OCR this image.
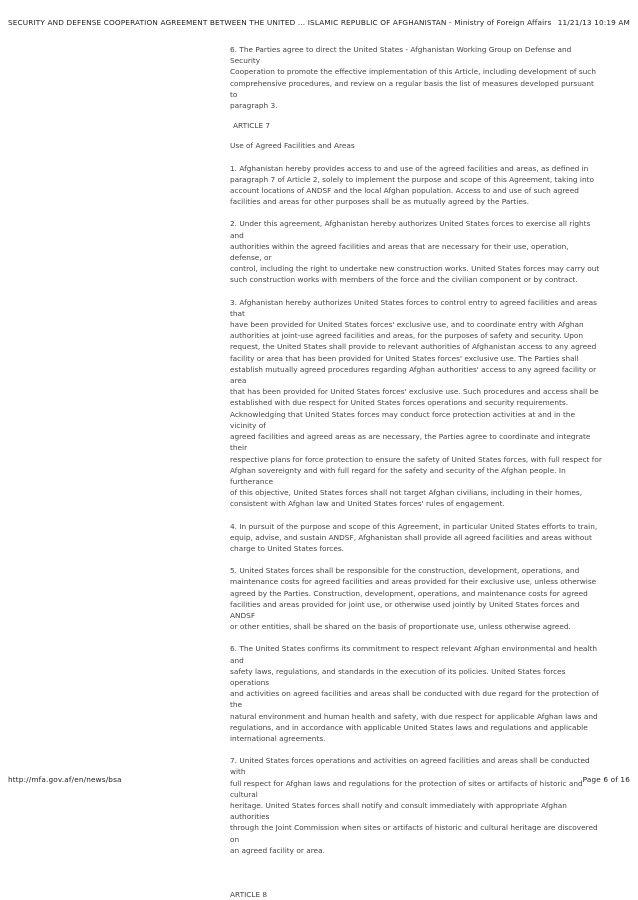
SECURITY AND DEFENSE COOPERATION AGREEMENT BETWEEN THE UNITED ... ISLAMIC REPUBLIC OF AFGHANISTAN - Ministry of Foreign Affairs 11/21/13 10:19 AM

6. The Parties agree to direct the United States - Afghanistan Working Group on Defense and Security
Cooperation to promote the effective implementation of this Article, including development of such
comprehensive procedures, and review on a regular basis the list of measures developed pursuant to
paragraph 3.

ARTICLE 7

Use of Agreed Facilities and Areas

1. Afghanistan hereby provides access to and use of the agreed facilities and areas, as defined in
paragraph 7 of Article 2, solely to implement the purpose and scope of this Agreement, taking into
account locations of ANDSF and the local Afghan population. Access to and use of such agreed
facilities and areas for other purposes shall be as mutually agreed by the Parties.

2. Under this agreement, Afghanistan hereby authorizes United States forces to exercise all rights and
authorities within the agreed facilities and areas that are necessary for their use, operation, defense, or
control, including the right to undertake new construction works. United States forces may carry out
such construction works with members of the force and the civilian component or by contract.

3. Afghanistan hereby authorizes United States forces to control entry to agreed facilities and areas that
have been provided for United States forces' exclusive use, and to coordinate entry with Afghan
authorities at joint-use agreed facilities and areas, for the purposes of safety and security. Upon
request, the United States shall provide to relevant authorities of Afghanistan access to any agreed
facility or area that has been provided for United States forces' exclusive use. The Parties shall
establish mutually agreed procedures regarding Afghan authorities' access to any agreed facility or area
that has been provided for United States forces' exclusive use. Such procedures and access shall be
established with due respect for United States forces operations and security requirements.
Acknowledging that United States forces may conduct force protection activities at and in the vicinity of
agreed facilities and agreed areas as are necessary, the Parties agree to coordinate and integrate their
respective plans for force protection to ensure the safety of United States forces, with full respect for
Afghan sovereignty and with full regard for the safety and security of the Afghan people. In furtherance
of this objective, United States forces shall not target Afghan civilians, including in their homes,
consistent with Afghan law and United States forces' rules of engagement.

4. In pursuit of the purpose and scope of this Agreement, in particular United States efforts to train,
equip, advise, and sustain ANDSF, Afghanistan shall provide all agreed facilities and areas without
charge to United States forces.

5. United States forces shall be responsible for the construction, development, operations, and
maintenance costs for agreed facilities and areas provided for their exclusive use, unless otherwise
agreed by the Parties. Construction, development, operations, and maintenance costs for agreed
facilities and areas provided for joint use, or otherwise used jointly by United States forces and ANDSF
or other entities, shall be shared on the basis of proportionate use, unless otherwise agreed.

6. The United States confirms its commitment to respect relevant Afghan environmental and health and
safety laws, regulations, and standards in the execution of its policies. United States forces operations
and activities on agreed facilities and areas shall be conducted with due regard for the protection of the
natural environment and human health and safety, with due respect for applicable Afghan laws and
regulations, and in accordance with applicable United States laws and regulations and applicable
international agreements.

7. United States forces operations and activities on agreed facilities and areas shall be conducted with
full respect for Afghan laws and regulations for the protection of sites or artifacts of historic and cultural
heritage. United States forces shall notify and consult immediately with appropriate Afghan authorities
through the Joint Commission when sites or artifacts of historic and cultural heritage are discovered on
an agreed facility or area.

ARTICLE 8

http://mfa.gov.af/en/news/bsa	Page 6 of 16
